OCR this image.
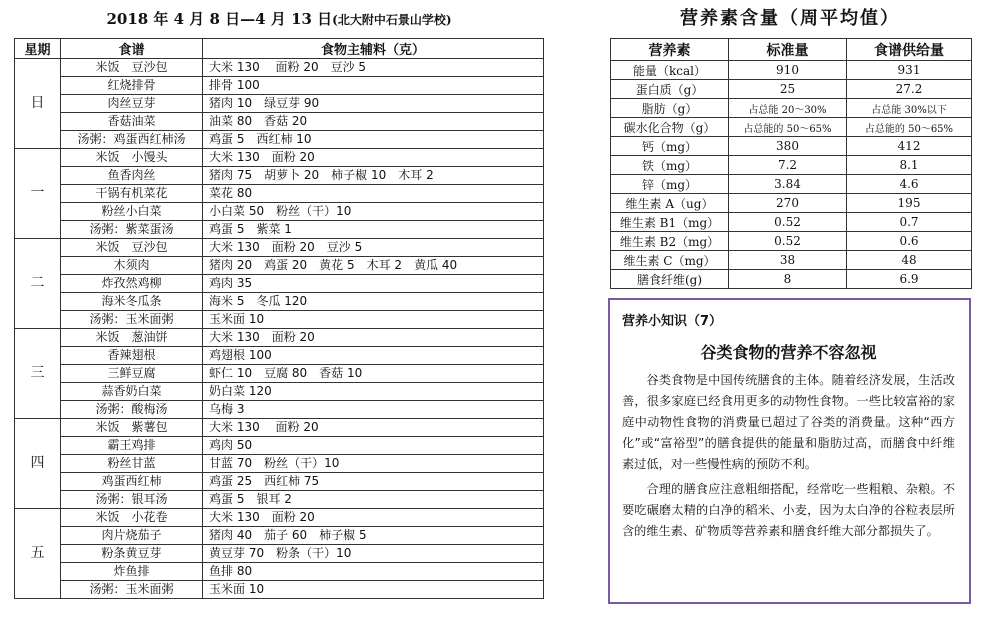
2018 年 4 月 8 日—4 月 13 日(北大附中石景山学校)
星期	食谱	食物主辅料（克）
日	米饭　豆沙包	大米 130　 面粉 20　豆沙 5
	红烧排骨	排骨 100
	肉丝豆芽	猪肉 10　绿豆芽 90
	香菇油菜	油菜 80　香菇 20
	汤粥：鸡蛋西红柿汤	鸡蛋 5　西红柿 10
一	米饭　小馒头	大米 130　面粉 20
	鱼香肉丝	猪肉 75　胡萝卜 20　柿子椒 10　木耳 2
	干锅有机菜花	菜花 80
	粉丝小白菜	小白菜 50　粉丝（干）10
	汤粥：紫菜蛋汤	鸡蛋 5　紫菜 1
二	米饭　豆沙包	大米 130　面粉 20　豆沙 5
	木须肉	猪肉 20　鸡蛋 20　黄花 5　木耳 2　黄瓜 40
	炸孜然鸡柳	鸡肉 35
	海米冬瓜条	海米 5　冬瓜 120
	汤粥：玉米面粥	玉米面 10
三	米饭　葱油饼	大米 130　面粉 20
	香辣翅根	鸡翅根 100
	三鲜豆腐	虾仁 10　豆腐 80　香菇 10
	蒜香奶白菜	奶白菜 120
	汤粥：酸梅汤	乌梅 3
四	米饭　紫薯包	大米 130　 面粉 20
	霸王鸡排	鸡肉 50
	粉丝甘蓝	甘蓝 70　粉丝（干）10
	鸡蛋西红柿	鸡蛋 25　西红柿 75
	汤粥：银耳汤	鸡蛋 5　银耳 2
五	米饭　小花卷	大米 130　面粉 20
	肉片烧茄子	猪肉 40　茄子 60　柿子椒 5
	粉条黄豆芽	黄豆芽 70　粉条（干）10
	炸鱼排	鱼排 80
	汤粥：玉米面粥	玉米面 10
营养素含量（周平均值）
营养素	标准量	食谱供给量
能量（kcal）	910	931
蛋白质（g）	25	27.2
脂肪（g）	占总能 20～30%	占总能 30%以下
碳水化合物（g）	占总能的 50～65%	占总能的 50～65%
钙（mg）	380	412
铁（mg）	7.2	8.1
锌（mg）	3.84	4.6
维生素 A（ug）	270	195
维生素 B1（mg）	0.52	0.7
维生素 B2（mg）	0.52	0.6
维生素 C（mg）	38	48
膳食纤维(g)	8	6.9
营养小知识（7）
谷类食物的营养不容忽视

谷类食物是中国传统膳食的主体。随着经济发展，生活改善，很多家庭已经食用更多的动物性食物。一些比较富裕的家庭中动物性食物的消费量已超过了谷类的消费量。这种“西方化”或“富裕型”的膳食提供的能量和脂肪过高，而膳食中纤维素过低，对一些慢性病的预防不利。

合理的膳食应注意粗细搭配，经常吃一些粗粮、杂粮。不要吃碾磨太精的白净的稻米、小麦，因为太白净的谷粒表层所含的维生素、矿物质等营养素和膳食纤维大部分都损失了。
